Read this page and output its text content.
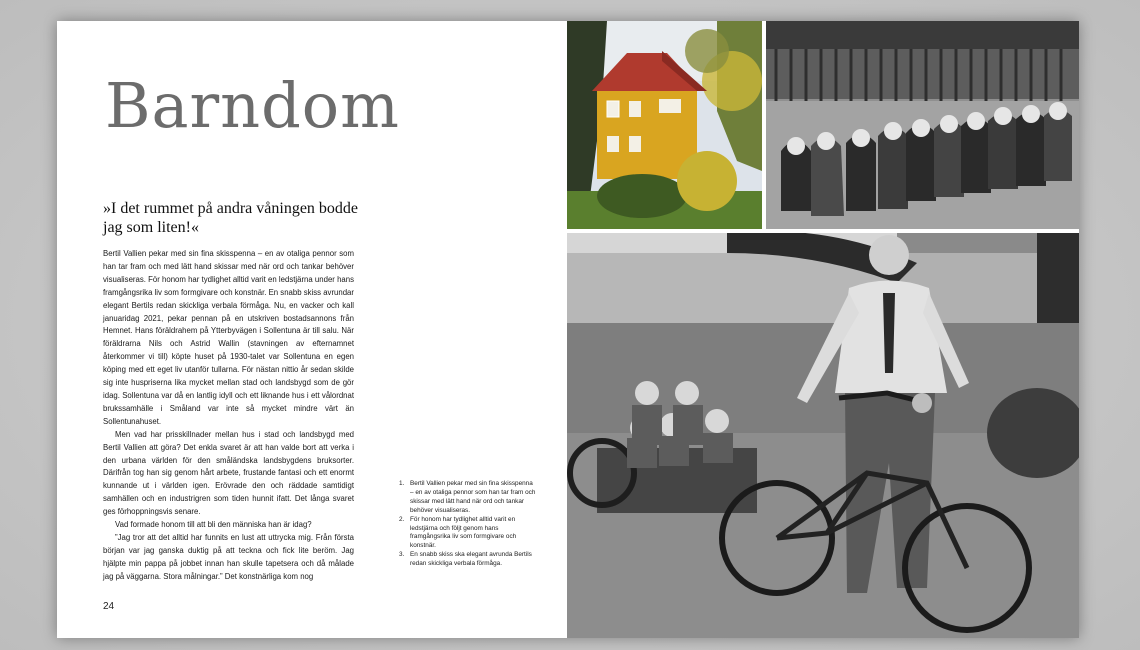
Barndom
»I det rummet på andra våningen bodde jag som liten!«

Bertil Vallien pekar med sin fina skisspenna – en av otaliga pennor som han tar fram och med lätt hand skissar med när ord och tankar behöver visualiseras. För honom har tydlighet alltid varit en ledstjärna under hans framgångsrika liv som formgivare och konstnär. En snabb skiss avrundar elegant Bertils redan skickliga verbala förmåga. Nu, en vacker och kall januaridag 2021, pekar pennan på en utskriven bostadsannons från Hemnet. Hans föräldrahem på Ytterbyvägen i Sollentuna är till salu. När föräldrarna Nils och Astrid Wallin (stavningen av efternamnet återkommer vi till) köpte huset på 1930-talet var Sollentuna en egen köping med ett eget liv utanför tullarna. För nästan nittio år sedan skilde sig inte huspriserna lika mycket mellan stad och landsbygd som de gör idag. Sollentuna var då en lantlig idyll och ett liknande hus i ett vålordnat brukssamhälle i Småland var inte så mycket mindre värt än Sollentunahuset.

Men vad har prisskillnader mellan hus i stad och landsbygd med Bertil Vallien att göra? Det enkla svaret är att han valde bort att verka i den urbana världen för den småländska landsbygdens bruksorter. Därifrån tog han sig genom hårt arbete, frustande fantasi och ett enormt kunnande ut i världen igen. Erövrade den och räddade samtidigt samhällen och en industrigren som tiden hunnit ifatt. Det långa svaret ges förhoppningsvis senare.

Vad formade honom till att bli den människa han är idag?

”Jag tror att det alltid har funnits en lust att uttrycka mig. Från första början var jag ganska duktig på att teckna och fick lite beröm. Jag hjälpte min pappa på jobbet innan han skulle tapetsera och då målade jag på väggarna. Stora målningar.” Det konstnärliga kom nog

1. Bertil Vallien pekar med sin fina skisspenna – en av otaliga pennor som han tar fram och skissar med lätt hand när ord och tankar behöver visualiseras.
2. För honom har tydlighet alltid varit en ledstjärna och följt genom hans framgångsrika liv som formgivare och konstnär.
3. En snabb skiss ska elegant avrunda Bertils redan skickliga verbala förmåga.
24
